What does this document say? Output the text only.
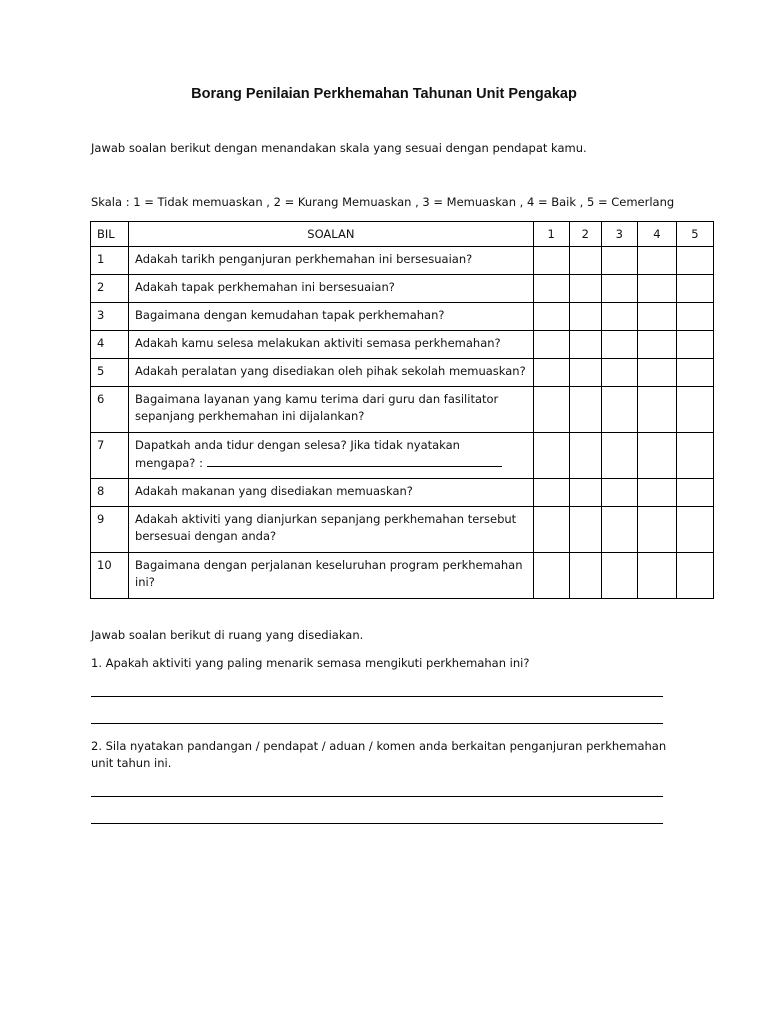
Borang Penilaian Perkhemahan Tahunan Unit Pengakap
Jawab soalan berikut dengan menandakan skala yang sesuai dengan pendapat kamu.
Skala : 1 = Tidak memuaskan , 2 = Kurang Memuaskan , 3 = Memuaskan , 4 = Baik , 5 = Cemerlang
BIL	SOALAN	1	2	3	4	5
1	Adakah tarikh penganjuran perkhemahan ini bersesuaian?					
2	Adakah tapak perkhemahan ini bersesuaian?					
3	Bagaimana dengan kemudahan tapak perkhemahan?					
4	Adakah kamu selesa melakukan aktiviti semasa perkhemahan?					
5	Adakah peralatan yang disediakan oleh pihak sekolah memuaskan?					
6	Bagaimana layanan yang kamu terima dari guru dan fasilitator
sepanjang perkhemahan ini dijalankan?					
7	Dapatkah anda tidur dengan selesa? Jika tidak nyatakan
mengapa? :					
8	Adakah makanan yang disediakan memuaskan?					
9	Adakah aktiviti yang dianjurkan sepanjang perkhemahan tersebut
bersesuai dengan anda?					
10	Bagaimana dengan perjalanan keseluruhan program perkhemahan
ini?					
Jawab soalan berikut di ruang yang disediakan.
1. Apakah aktiviti yang paling menarik semasa mengikuti perkhemahan ini?
2. Sila nyatakan pandangan / pendapat / aduan / komen anda berkaitan penganjuran perkhemahan
unit tahun ini.
